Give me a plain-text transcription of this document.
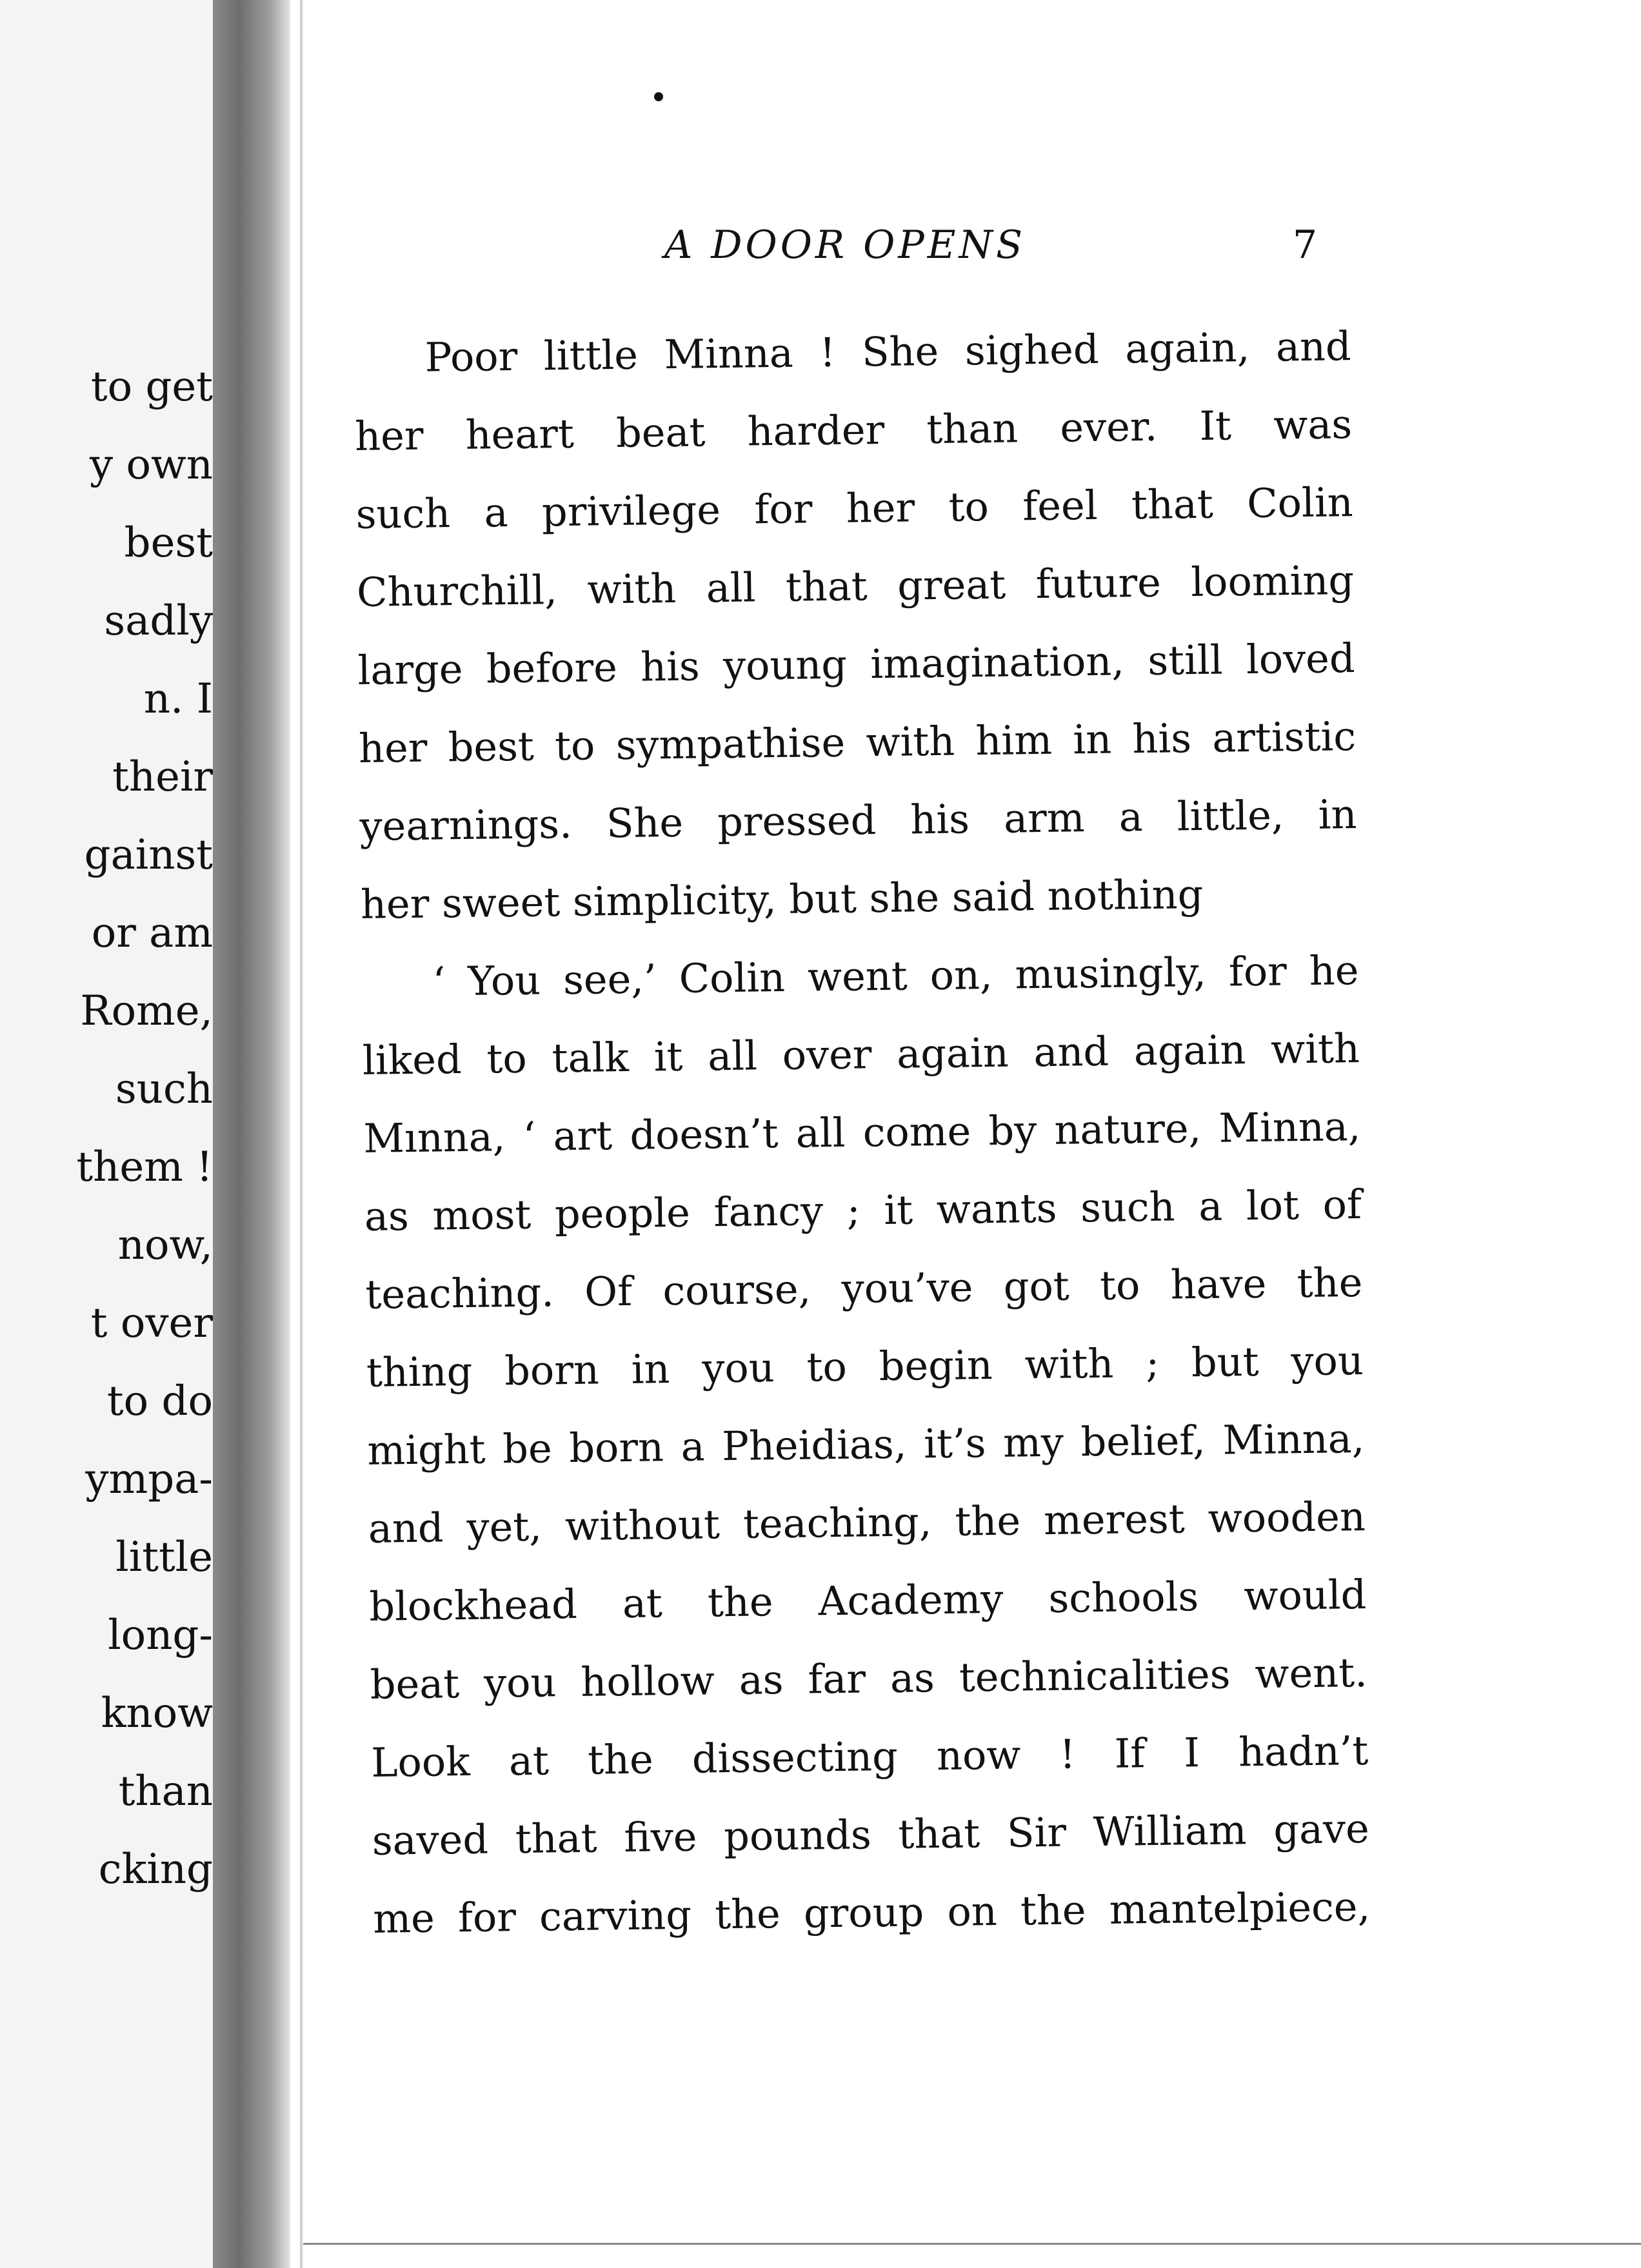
to get
y own
best
sadly
n. I
their
gainst
or am
Rome,
such
them !
now,
t over
to do
ympa-
little
long-
know
than
cking
A DOOR OPENS	7
Poor little Minna ! She sighed again, and
her heart beat harder than ever. It was
such a privilege for her to feel that Colin
Churchill, with all that great future looming
large before his young imagination, still loved
her best to sympathise with him in his artistic
yearnings. She pressed his arm a little, in
her sweet simplicity, but she said nothing
‘ You see,’ Colin went on, musingly, for he
liked to talk it all over again and again with
Mınna, ‘ art doesn’t all come by nature, Minna,
as most people fancy ; it wants such a lot of
teaching. Of course, you’ve got to have the
thing born in you to begin with ; but you
might be born a Pheidias, it’s my belief, Minna,
and yet, without teaching, the merest wooden
blockhead at the Academy schools would
beat you hollow as far as technicalities went.
Look at the dissecting now ! If I hadn’t
saved that five pounds that Sir William gave
me for carving the group on the mantelpiece,
